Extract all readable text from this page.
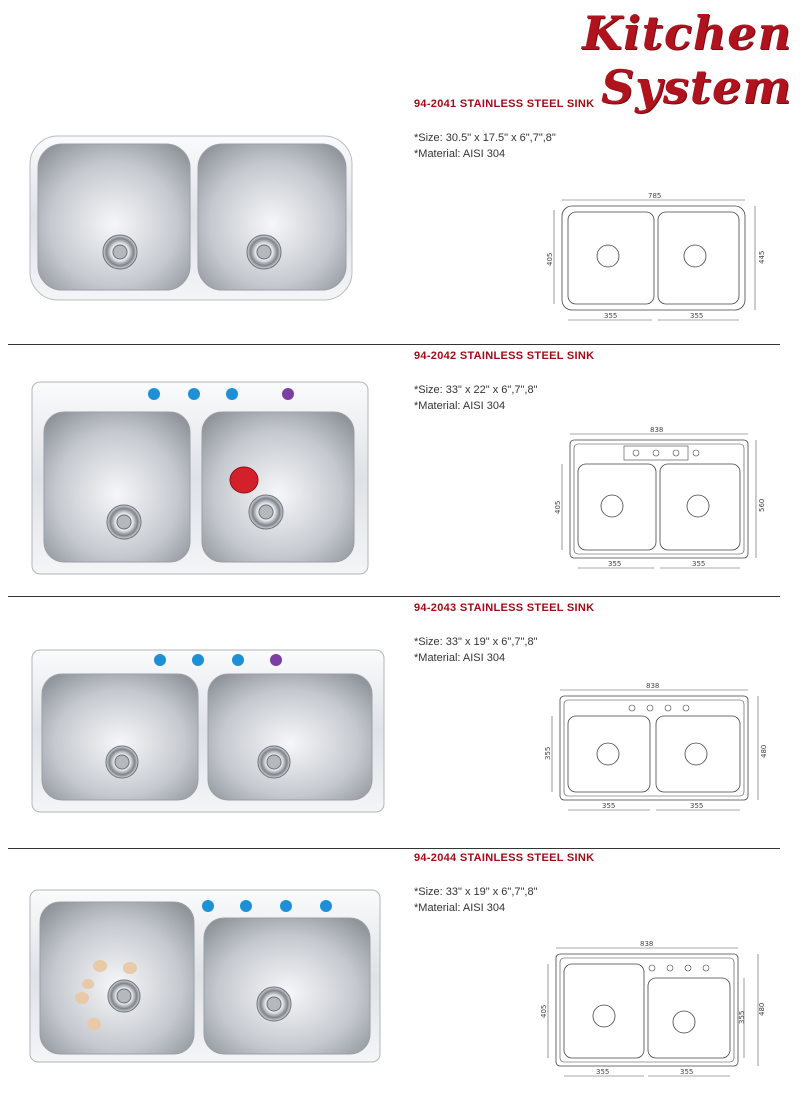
Kitchen System
94-2041 STAINLESS STEEL SINK
*Size: 30.5" x 17.5" x 6",7",8"
*Material: AISI 304
785
405	445
355	355
94-2042 STAINLESS STEEL SINK
*Size: 33" x 22" x 6",7",8"
*Material: AISI 304
838
405	560
355	355
94-2043 STAINLESS STEEL SINK
*Size: 33" x 19" x 6",7",8"
*Material: AISI 304
838
355	480
355	355
94-2044 STAINLESS STEEL SINK
*Size: 33" x 19" x 6",7",8"
*Material: AISI 304
838
405	355
480
355	355
